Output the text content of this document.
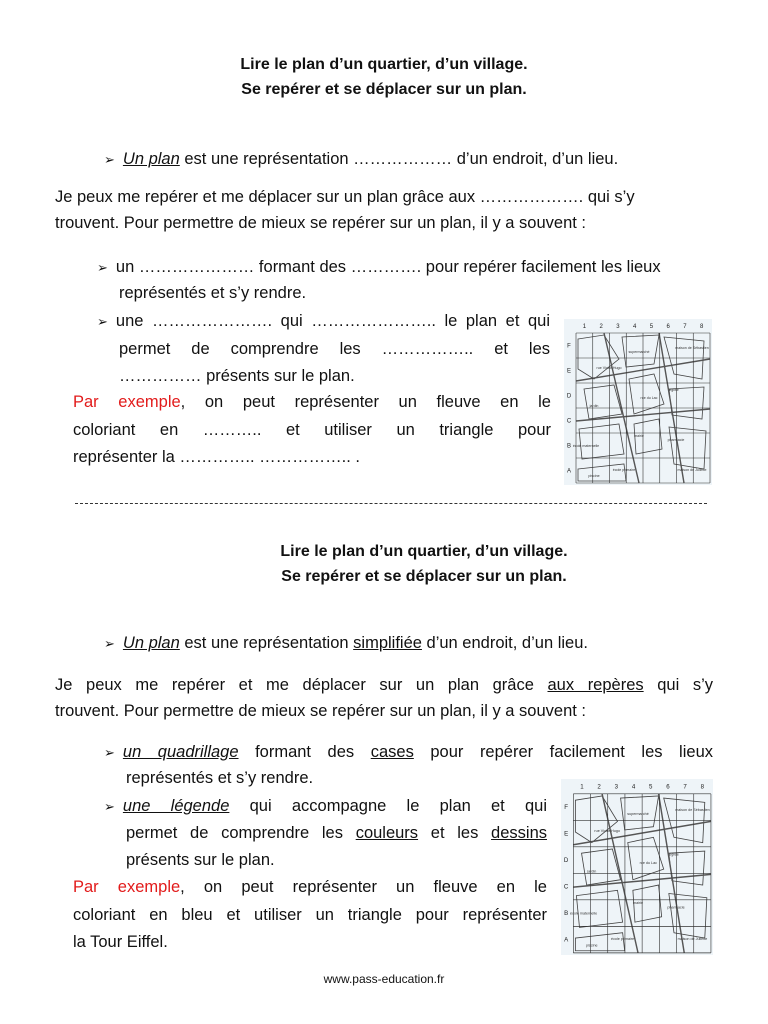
Lire le plan d’un quartier, d’un village.
Se repérer et se déplacer sur un plan.
➢ Un plan est une représentation ……………… d’un endroit, d’un lieu.
Je peux me repérer et me déplacer sur un plan grâce aux ………………. qui s’y
trouvent. Pour permettre de mieux se repérer sur un plan, il y a souvent :
➢ un ………………… formant des …………. pour repérer facilement les lieux
représentés et s’y rendre.
➢ une …………………. qui ………………….. le plan et qui
permet de comprendre les …………….. et les
…………… présents sur le plan.
Par exemple, on peut représenter un fleuve en le
coloriant en ……….. et utiliser un triangle pour
représenter la ………….. …………….. .
1 2 3 4 5 6 7 8
F
E
D
C
B
A
supermarché
église
jardin
mairie
école maternelle
pharmacie
école primaire
piscine
maison de Sébastien
maison de Juliette
rue Victor Hugo
rue du Lac
Lire le plan d’un quartier, d’un village.
Se repérer et se déplacer sur un plan.
➢ Un plan est une représentation simplifiée d’un endroit, d’un lieu.
Je peux me repérer et me déplacer sur un plan grâce aux repères qui s’y
trouvent. Pour permettre de mieux se repérer sur un plan, il y a souvent :
➢ un quadrillage formant des cases pour repérer facilement les lieux
représentés et s’y rendre.
➢ une légende qui accompagne le plan et qui
permet de comprendre les couleurs et les dessins
présents sur le plan.
Par exemple, on peut représenter un fleuve en le
coloriant en bleu et utiliser un triangle pour représenter
la Tour Eiffel.
1 2 3 4 5 6 7 8
F
E
D
C
B
A
supermarché
église
jardin
mairie
école maternelle
pharmacie
école primaire
piscine
maison de Sébastien
maison de Juliette
rue Victor Hugo
rue du Lac
www.pass-education.fr
